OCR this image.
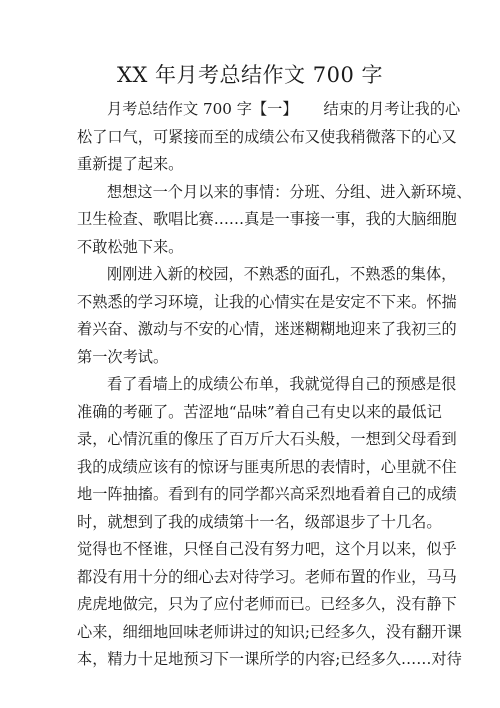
XX 年月考总结作文 700 字
月考总结作文 700 字【一】 结束的月考让我的心
松了口气，可紧接而至的成绩公布又使我稍微落下的心又
重新提了起来。
想想这一个月以来的事情：分班、分组、进入新环境、
卫生检查、歌唱比赛……真是一事接一事，我的大脑细胞
不敢松弛下来。
刚刚进入新的校园，不熟悉的面孔，不熟悉的集体，
不熟悉的学习环境，让我的心情实在是安定不下来。怀揣
着兴奋、激动与不安的心情，迷迷糊糊地迎来了我初三的
第一次考试。
看了看墙上的成绩公布单，我就觉得自己的预感是很
准确的考砸了。苦涩地“品味”着自己有史以来的最低记
录，心情沉重的像压了百万斤大石头般，一想到父母看到
我的成绩应该有的惊讶与匪夷所思的表情时，心里就不住
地一阵抽搐。看到有的同学都兴高采烈地看着自己的成绩
时，就想到了我的成绩第十一名，级部退步了十几名。
觉得也不怪谁，只怪自己没有努力吧，这个月以来，似乎
都没有用十分的细心去对待学习。老师布置的作业，马马
虎虎地做完，只为了应付老师而已。已经多久，没有静下
心来，细细地回味老师讲过的知识;已经多久，没有翻开课
本，精力十足地预习下一课所学的内容;已经多久……对待
